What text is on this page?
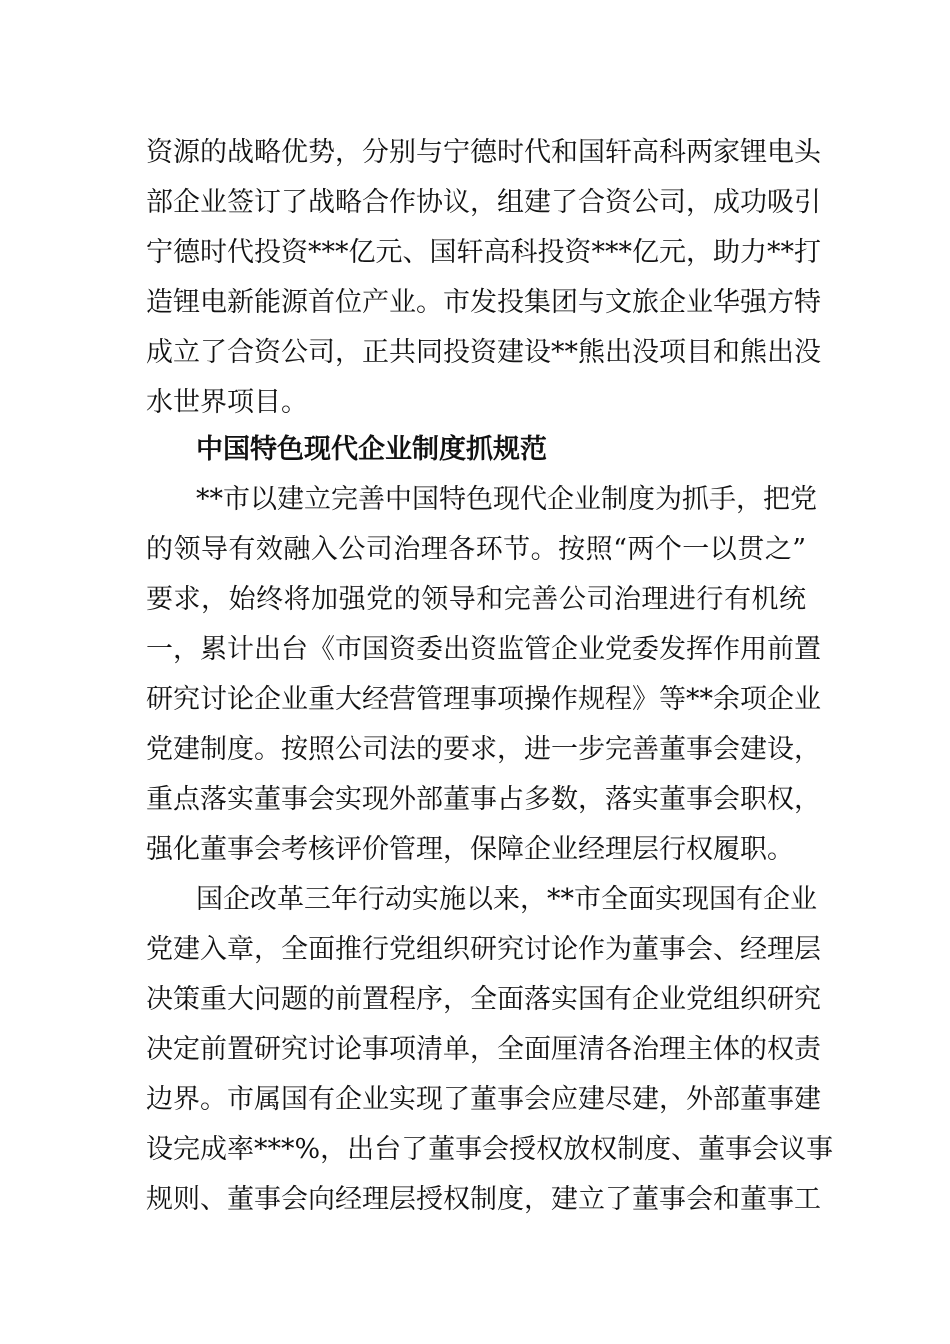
资源的战略优势，分别与宁德时代和国轩高科两家锂电头

部企业签订了战略合作协议，组建了合资公司，成功吸引

宁德时代投资***亿元、国轩高科投资***亿元，助力**打

造锂电新能源首位产业。市发投集团与文旅企业华强方特

成立了合资公司，正共同投资建设**熊出没项目和熊出没

水世界项目。

中国特色现代企业制度抓规范

**市以建立完善中国特色现代企业制度为抓手，把党

的领导有效融入公司治理各环节。按照“两个一以贯之”

要求，始终将加强党的领导和完善公司治理进行有机统

一，累计出台《市国资委出资监管企业党委发挥作用前置

研究讨论企业重大经营管理事项操作规程》等**余项企业

党建制度。按照公司法的要求，进一步完善董事会建设，

重点落实董事会实现外部董事占多数，落实董事会职权，

强化董事会考核评价管理，保障企业经理层行权履职。

国企改革三年行动实施以来，**市全面实现国有企业

党建入章，全面推行党组织研究讨论作为董事会、经理层

决策重大问题的前置程序，全面落实国有企业党组织研究

决定前置研究讨论事项清单，全面厘清各治理主体的权责

边界。市属国有企业实现了董事会应建尽建，外部董事建

设完成率***%，出台了董事会授权放权制度、董事会议事

规则、董事会向经理层授权制度，建立了董事会和董事工
